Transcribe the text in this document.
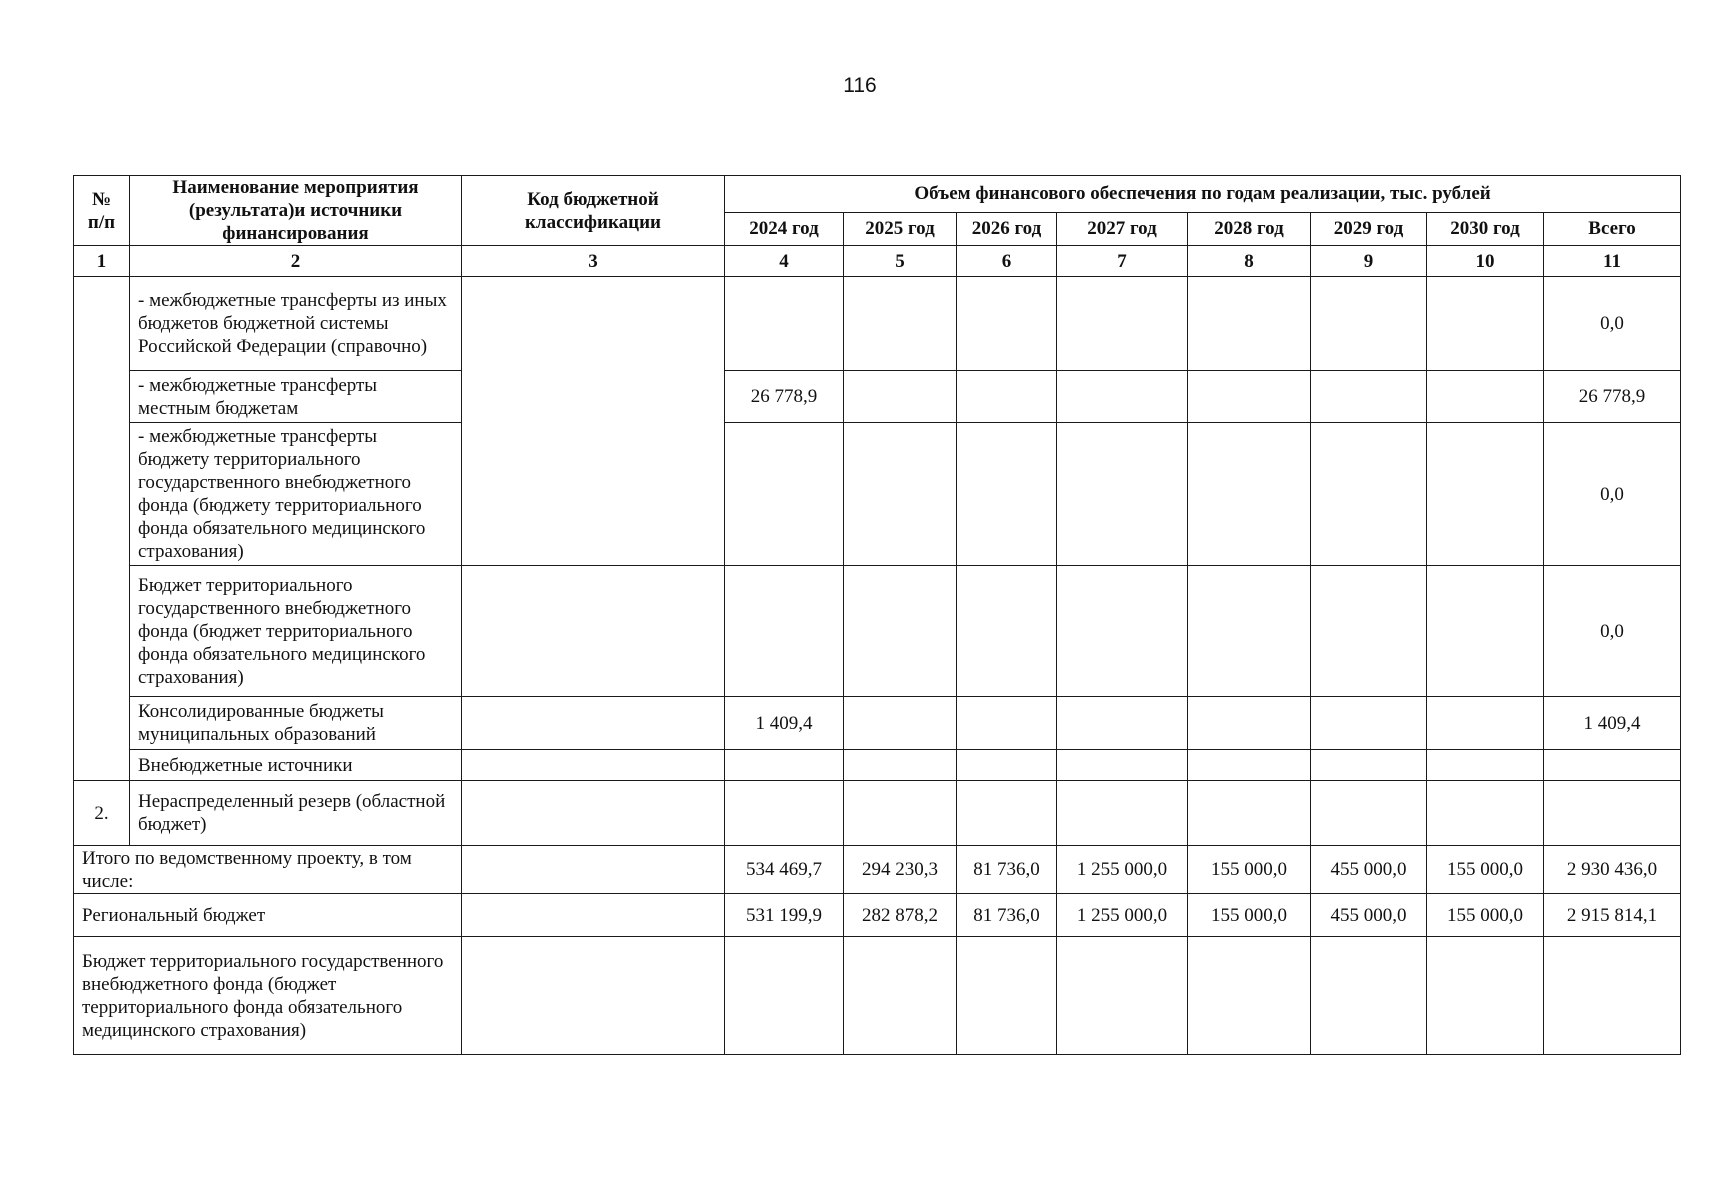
116
№ п/п	Наименование мероприятия (результата)и источники финансирования	Код бюджетной классификации	Объем финансового обеспечения по годам реализации, тыс. рублей							
			2024 год	2025 год	2026 год	2027 год	2028 год	2029 год	2030 год	Всего
1	2	3	4	5	6	7	8	9	10	11
	- межбюджетные трансферты из иных бюджетов бюджетной системы Российской Федерации (справочно)									0,0
	- межбюджетные трансферты местным бюджетам		26 778,9							26 778,9
	- межбюджетные трансферты бюджету территориального государственного внебюджетного фонда (бюджету территориального фонда обязательного медицинского страхования)									0,0
	Бюджет территориального государственного внебюджетного фонда (бюджет территориального фонда обязательного медицинского страхования)									0,0
	Консолидированные бюджеты муниципальных образований		1 409,4							1 409,4
	Внебюджетные источники									
2.	Нераспределенный резерв (областной бюджет)									
Итого по ведомственному проекту, в том числе:			534 469,7	294 230,3	81 736,0	1 255 000,0	155 000,0	455 000,0	155 000,0	2 930 436,0
Региональный бюджет			531 199,9	282 878,2	81 736,0	1 255 000,0	155 000,0	455 000,0	155 000,0	2 915 814,1
Бюджет территориального государственного внебюджетного фонда (бюджет территориального фонда обязательного медицинского страхования)										
